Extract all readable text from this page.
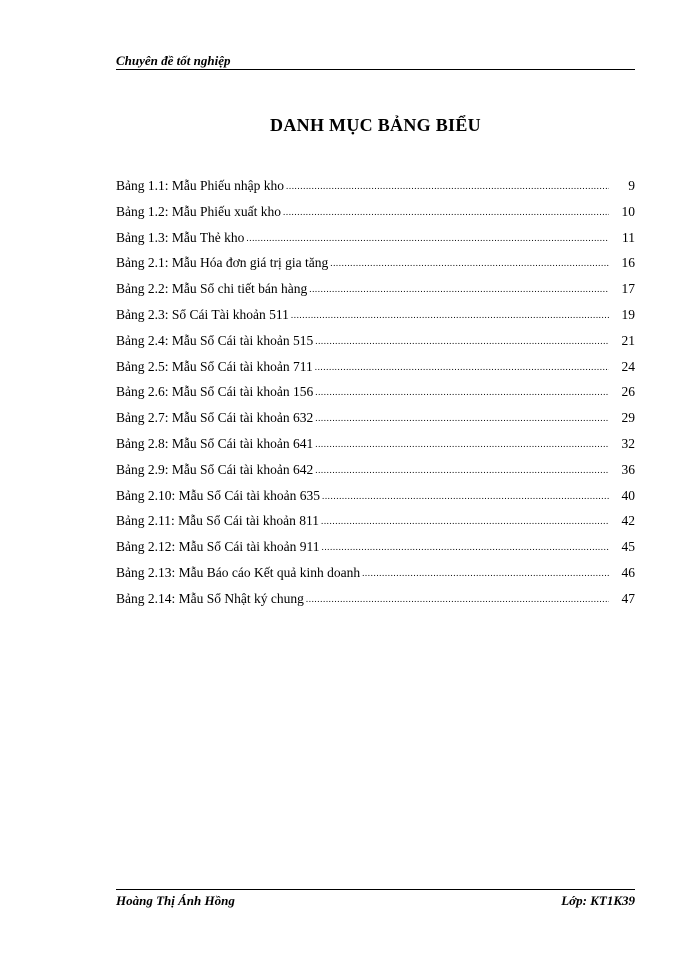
Chuyên đề tốt nghiệp
DANH MỤC BẢNG BIỂU
Bảng 1.1: Mẫu Phiếu nhập kho .....	9
Bảng 1.2: Mẫu Phiếu xuất kho .....	10
Bảng 1.3: Mẫu Thẻ kho .....	11
Bảng 2.1: Mẫu Hóa đơn giá trị gia tăng .....	16
Bảng 2.2: Mẫu Sổ chi tiết bán hàng .....	17
Bảng 2.3: Sổ Cái Tài khoản 511 .....	19
Bảng 2.4: Mẫu Sổ Cái tài khoản 515 .....	21
Bảng 2.5: Mẫu Sổ Cái tài khoản 711 .....	24
Bảng 2.6: Mẫu Sổ Cái tài khoản 156 .....	26
Bảng 2.7: Mẫu Sổ Cái tài khoản 632 .....	29
Bảng 2.8: Mẫu Sổ Cái tài khoản 641 .....	32
Bảng 2.9: Mẫu Sổ Cái tài khoản 642 .....	36
Bảng 2.10: Mẫu Sổ Cái tài khoản 635 .....	40
Bảng 2.11: Mẫu Sổ Cái tài khoản 811 .....	42
Bảng 2.12: Mẫu Sổ Cái tài khoản 911 .....	45
Bảng 2.13: Mẫu Báo cáo Kết quả kinh doanh .....	46
Bảng 2.14: Mẫu Sổ Nhật ký chung .....	47
Hoàng Thị Ánh Hồng	Lớp: KT1K39
